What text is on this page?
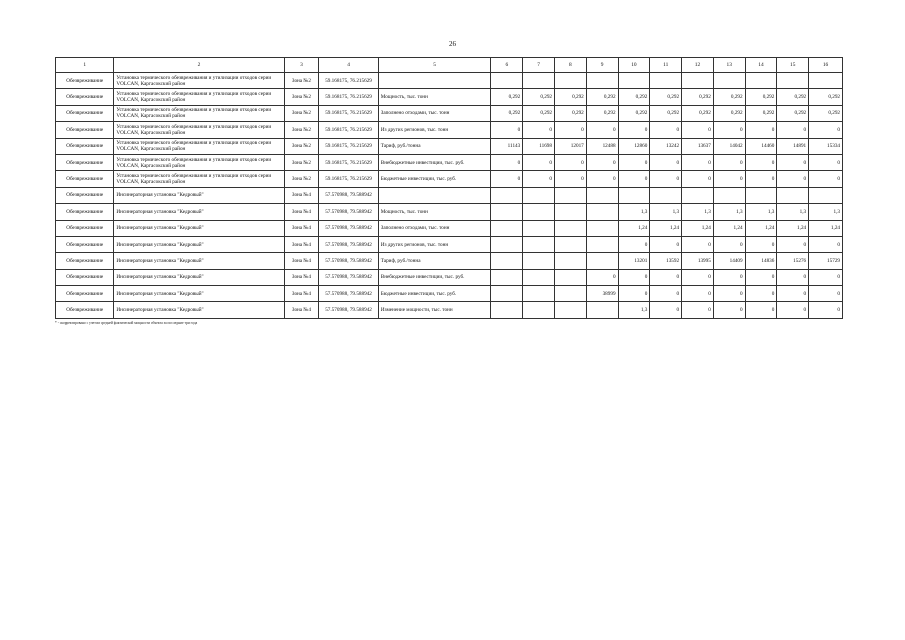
26
1	2	3	4	5	6	7	8	9	10	11	12	13	14	15	16
Обезвреживание	Установка термического обезвреживания и утилизации отходов серии VOLCAN, Каргасокский район	Зона №2	59.168175, 76.215629												
Обезвреживание	Установка термического обезвреживания и утилизации отходов серии VOLCAN, Каргасокский район	Зона №2	59.168175, 76.215629	Мощность, тыс. тонн	0,292	0,292	0,292	0,292	0,292	0,292	0,292	0,292	0,292	0,292	0,292
Обезвреживание	Установка термического обезвреживания и утилизации отходов серии VOLCAN, Каргасокский район	Зона №2	59.168175, 76.215629	Заполнено отходами, тыс. тонн	0,292	0,292	0,292	0,292	0,292	0,292	0,292	0,292	0,292	0,292	0,292
Обезвреживание	Установка термического обезвреживания и утилизации отходов серии VOLCAN, Каргасокский район	Зона №2	59.168175, 76.215629	Из других регионов, тыс. тонн	0	0	0	0	0	0	0	0	0	0	0
Обезвреживание	Установка термического обезвреживания и утилизации отходов серии VOLCAN, Каргасокский район	Зона №2	59.168175, 76.215629	Тариф, руб./тонна	11143	11698	12017	12488	12860	13242	13637	14042	14460	14891	15334
Обезвреживание	Установка термического обезвреживания и утилизации отходов серии VOLCAN, Каргасокский район	Зона №2	59.168175, 76.215629	Внебюджетные инвестиции, тыс. руб.	0	0	0	0	0	0	0	0	0	0	0
Обезвреживание	Установка термического обезвреживания и утилизации отходов серии VOLCAN, Каргасокский район	Зона №2	59.168175, 76.215629	Бюджетные инвестиции, тыс. руб.	0	0	0	0	0	0	0	0	0	0	0
Обезвреживание	Инсинераторная установка "Кедровый"	Зона №4	57.570988, 79.588942												
Обезвреживание	Инсинераторная установка "Кедровый"	Зона №4	57.570988, 79.588942	Мощность, тыс. тонн					1,3	1,3	1,3	1,3	1,3	1,3	1,3
Обезвреживание	Инсинераторная установка "Кедровый"	Зона №4	57.570988, 79.588942	Заполнено отходами, тыс. тонн					1,24	1,24	1,24	1,24	1,24	1,24	1,24
Обезвреживание	Инсинераторная установка "Кедровый"	Зона №4	57.570988, 79.588942	Из других регионов, тыс. тонн					0	0	0	0	0	0	0
Обезвреживание	Инсинераторная установка "Кедровый"	Зона №4	57.570988, 79.588942	Тариф, руб./тонна					13201	13592	13995	14409	14836	15276	15729
Обезвреживание	Инсинераторная установка "Кедровый"	Зона №4	57.570988, 79.588942	Внебюджетные инвестиции, тыс. руб.				0	0	0	0	0	0	0	0
Обезвреживание	Инсинераторная установка "Кедровый"	Зона №4	57.570988, 79.588942	Бюджетные инвестиции, тыс. руб.				38999	0	0	0	0	0	0	0
Обезвреживание	Инсинераторная установка "Кедровый"	Зона №4	57.570988, 79.588942	Изменение мощности, тыс. тонн					1,3	0	0	0	0	0	0
* - скорректировано с учетом средней фактической мощности объекта за последние три года
